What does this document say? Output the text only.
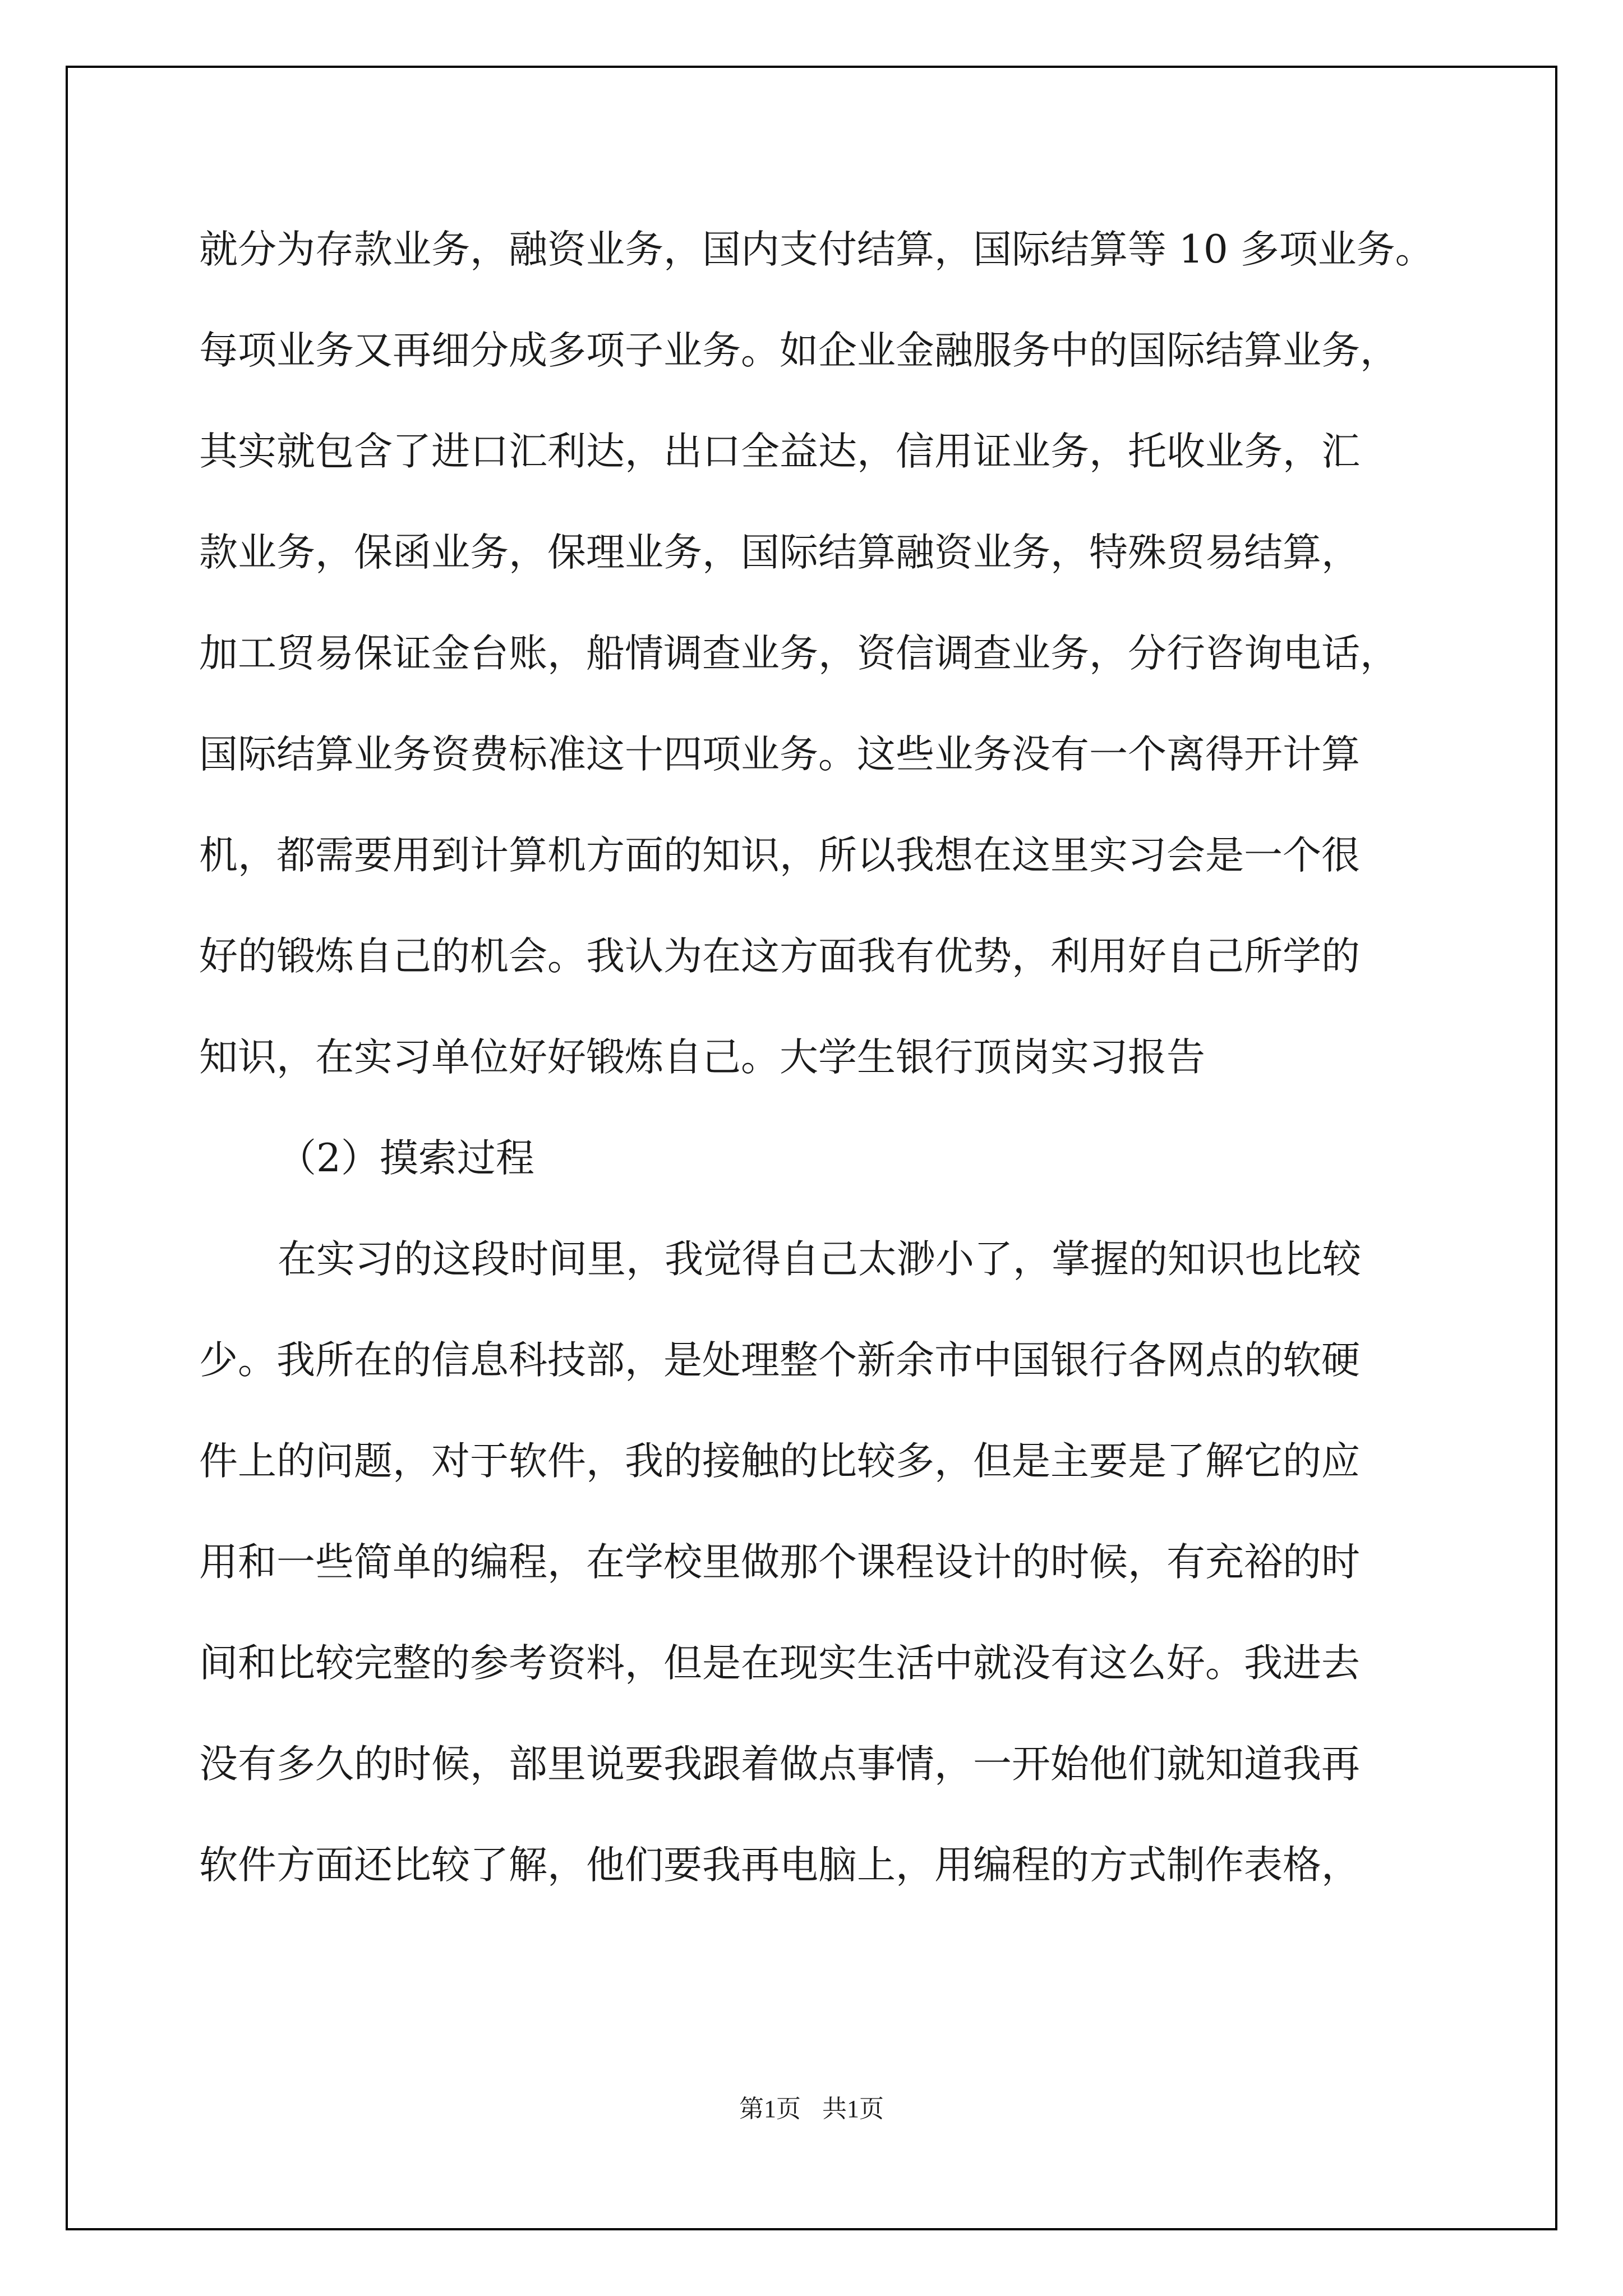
就分为存款业务，融资业务，国内支付结算，国际结算等 10 多项业务。

每项业务又再细分成多项子业务。如企业金融服务中的国际结算业务，

其实就包含了进口汇利达，出口全益达，信用证业务，托收业务，汇

款业务，保函业务，保理业务，国际结算融资业务，特殊贸易结算，

加工贸易保证金台账，船情调查业务，资信调查业务，分行咨询电话，

国际结算业务资费标准这十四项业务。这些业务没有一个离得开计算

机，都需要用到计算机方面的知识，所以我想在这里实习会是一个很

好的锻炼自己的机会。我认为在这方面我有优势，利用好自己所学的

知识，在实习单位好好锻炼自己。大学生银行顶岗实习报告

（2）摸索过程

在实习的这段时间里，我觉得自己太渺小了，掌握的知识也比较

少。我所在的信息科技部，是处理整个新余市中国银行各网点的软硬

件上的问题，对于软件，我的接触的比较多，但是主要是了解它的应

用和一些简单的编程，在学校里做那个课程设计的时候，有充裕的时

间和比较完整的参考资料，但是在现实生活中就没有这么好。我进去

没有多久的时候，部里说要我跟着做点事情，一开始他们就知道我再

软件方面还比较了解，他们要我再电脑上，用编程的方式制作表格，

第1页 共1页
